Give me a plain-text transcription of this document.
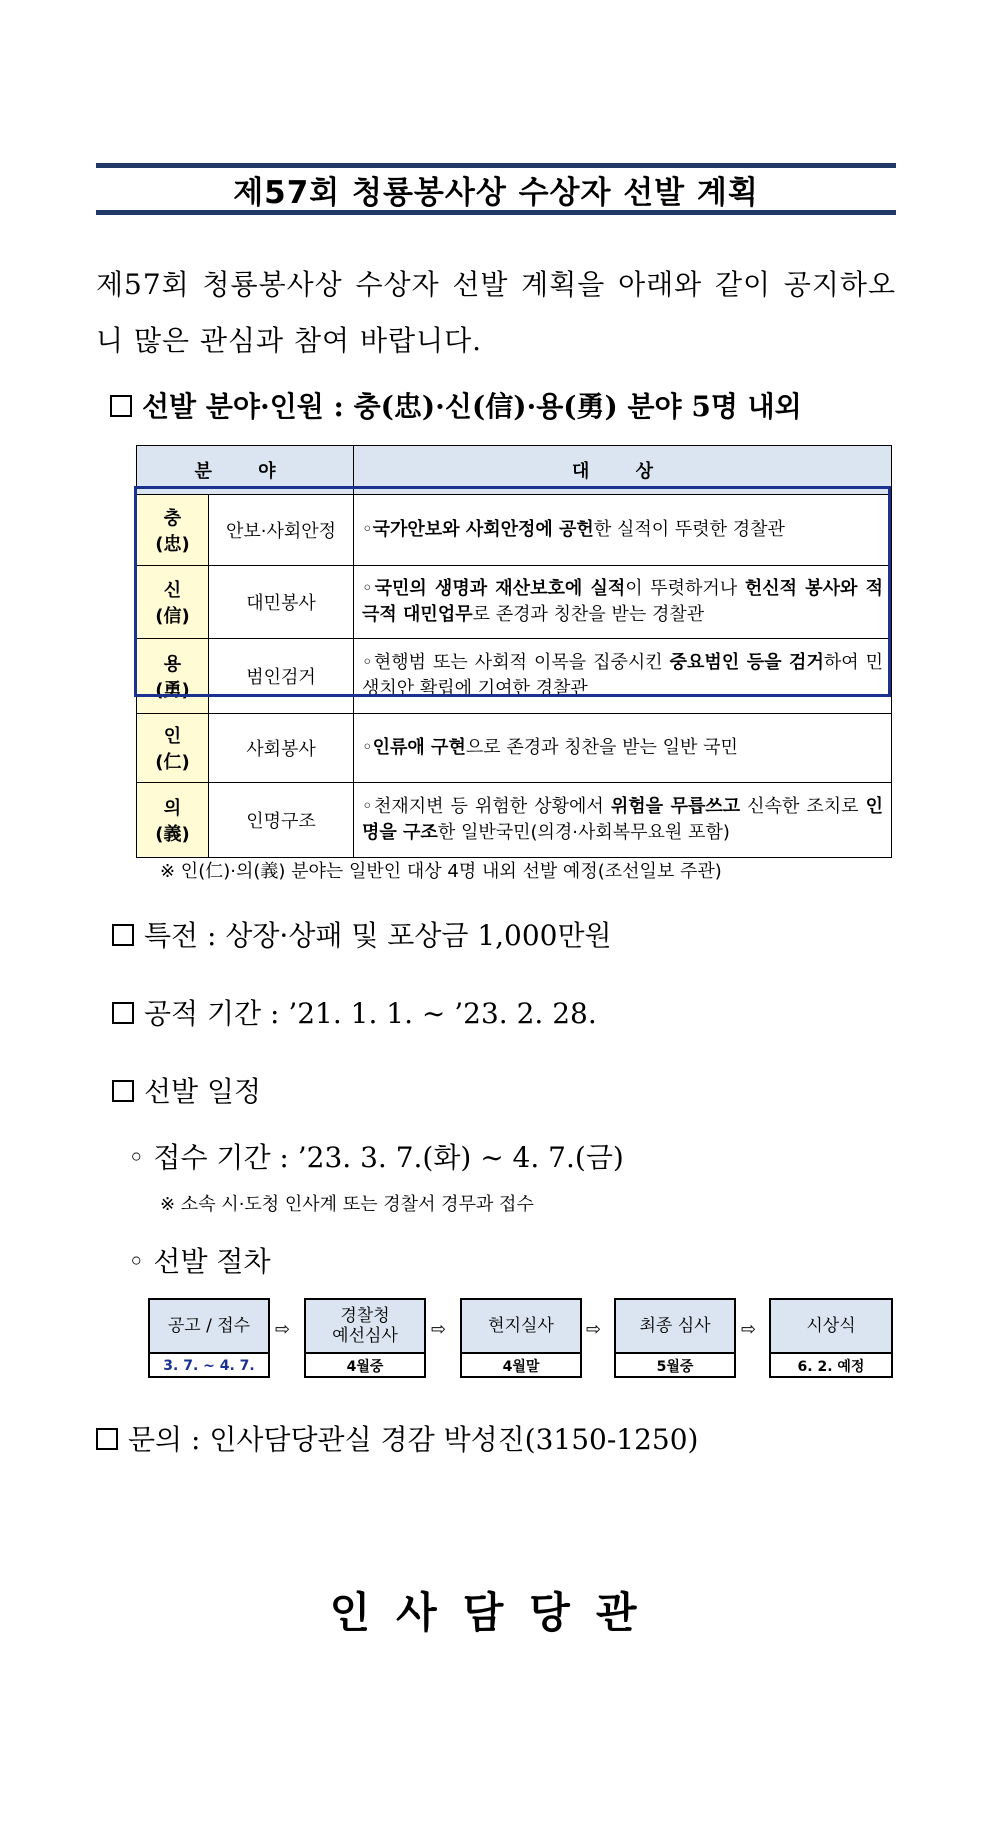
제57회 청룡봉사상 수상자 선발 계획
제57회 청룡봉사상 수상자 선발 계획을 아래와 같이 공지하오니 많은 관심과 참여 바랍니다.
선발 분야·인원 : 충(忠)·신(信)·용(勇) 분야 5명 내외
분 야		대 상
충 (忠)	안보·사회안정	◦국가안보와 사회안정에 공헌한 실적이 뚜렷한 경찰관
신 (信)	대민봉사	◦국민의 생명과 재산보호에 실적이 뚜렷하거나 헌신적 봉사와 적극적 대민업무로 존경과 칭찬을 받는 경찰관
용 (勇)	범인검거	◦현행범 또는 사회적 이목을 집중시킨 중요범인 등을 검거하여 민생치안 확립에 기여한 경찰관
인 (仁)	사회봉사	◦인류애 구현으로 존경과 칭찬을 받는 일반 국민
의 (義)	인명구조	◦천재지변 등 위험한 상황에서 위험을 무릅쓰고 신속한 조치로 인명을 구조한 일반국민(의경·사회복무요원 포함)
※ 인(仁)·의(義) 분야는 일반인 대상 4명 내외 선발 예정(조선일보 주관)
특전 : 상장·상패 및 포상금 1,000만원
공적 기간 : ’21. 1. 1. ∼ ’23. 2. 28.
선발 일정
◦ 접수 기간 : ’23. 3. 7.(화) ∼ 4. 7.(금)
※ 소속 시·도청 인사계 또는 경찰서 경무과 접수
◦ 선발 절차
공고 / 접수
3. 7. ~ 4. 7.
⇨
경찰청
예선심사
4월중
⇨	현지실사
4월말
⇨	최종 심사
5월중
⇨	시상식
6. 2. 예정
문의 : 인사담당관실 경감 박성진(3150-1250)
인사담당관
